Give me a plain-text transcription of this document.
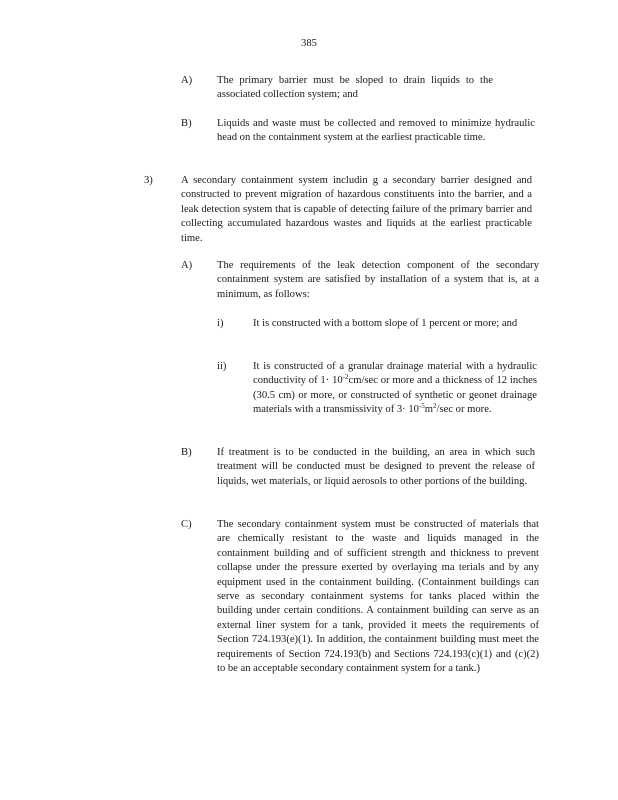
385
A) The primary barrier must be sloped to drain liquids to the associated collection system; and
B) Liquids and waste must be collected and removed to minimize hydraulic head on the containment system at the earliest practicable time.
3)	A secondary containment system includin g a secondary barrier designed and constructed to prevent migration of hazardous constituents into the barrier, and a leak detection system that is capable of detecting failure of the primary barrier and collecting accumulated hazardous wastes and liquids at the earliest practicable time.
A) The requirements of the leak detection component of the secondary containment system are satisfied by installation of a system that is, at a minimum, as follows:
i)	It is constructed with a bottom slope of 1 percent or more; and
ii)	It is constructed of a granular drainage material with a hydraulic conductivity of $1\cdot 10^{-2}cm/\sec$ or more and a thickness of 12 inches (30.5 cm) or more, or constructed of synthetic or geonet drainage materials with a transmissivity of $3\cdot 10^{-5}m^2/\sec$ or more.
B) If treatment is to be conducted in the building, an area in which such treatment will be conducted must be designed to prevent the release of liquids, wet materials, or liquid aerosols to other portions of the building.
C) The secondary containment system must be constructed of materials that are chemically resistant to the waste and liquids managed in the containment building and of sufficient strength and thickness to prevent collapse under the pressure exerted by overlaying ma terials and by any equipment used in the containment building. (Containment buildings can serve as secondary containment systems for tanks placed within the building under certain conditions. A containment building can serve as an external liner system for a tank, provided it meets the requirements of Section 724.193(e)(1). In addition, the containment building must meet the requirements of Section 724.193(b) and Sections 724.193(c)(1) and (c)(2) to be an acceptable secondary containment system for a tank.)
